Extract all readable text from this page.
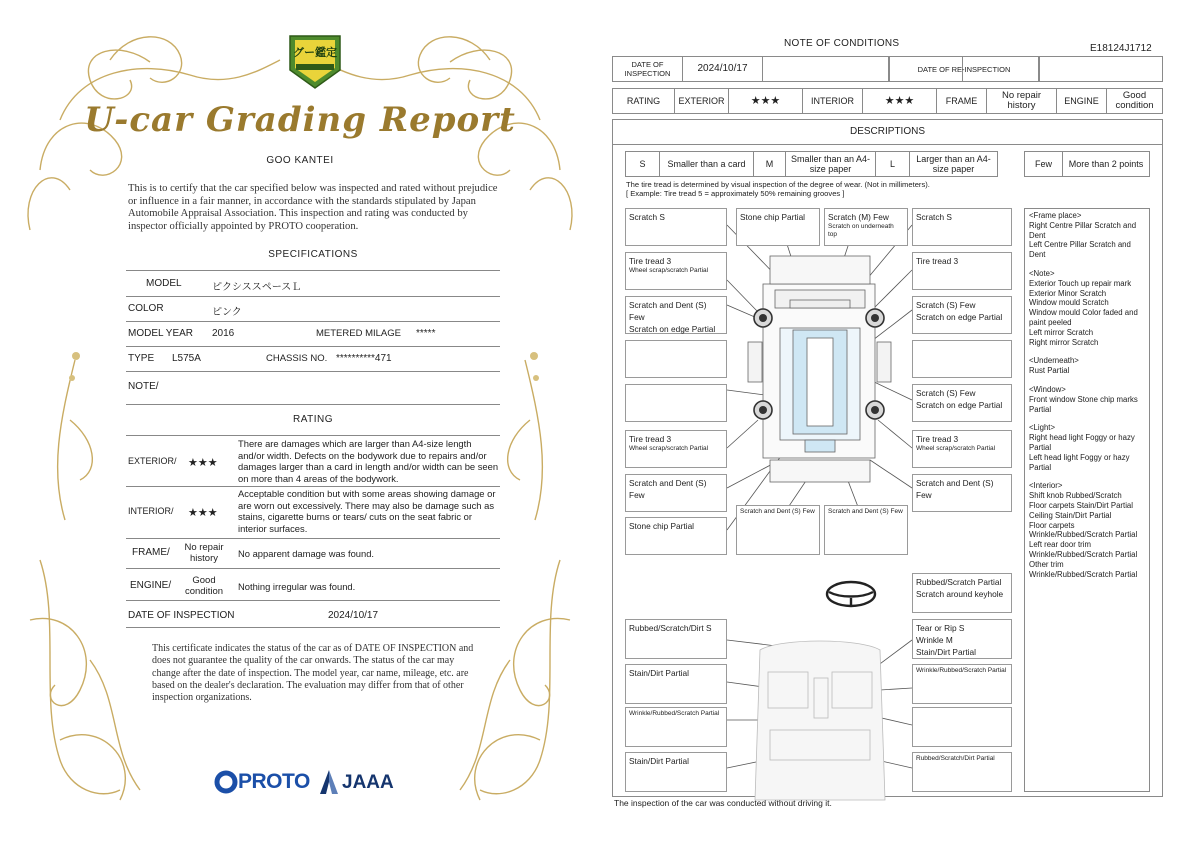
グー鑑定
U-car Grading Report
GOO KANTEI
This is to certify that the car specified below was inspected and rated without prejudice or influence in a fair manner, in accordance with the standards stipulated by Japan Automobile Appraisal Association. This inspection and rating was conducted by inspector officially appointed by PROTO cooperation.
SPECIFICATIONS
MODEL	ピクシススペースＬ
COLOR	ピンク
MODEL YEAR 2016	METERED MILAGE *****
TYPE L575A	CHASSIS NO. **********471
NOTE/
RATING
EXTERIOR/ ★★★
There are damages which are larger than A4-size length and/or width. Defects on the bodywork due to repairs and/or damages larger than a card in length and/or width can be seen on more than 4 areas of the bodywork.
INTERIOR/ ★★★
Acceptable condition but with some areas showing damage or are worn out excessively. There may also be damage such as stains, cigarette burns or tears/ cuts on the seat fabric or interior surfaces.
FRAME/	No repair history	No apparent damage was found.
ENGINE/	Good condition	Nothing irregular was found.
DATE OF INSPECTION	2024/10/17
This certificate indicates the status of the car as of DATE OF INSPECTION and does not guarantee the quality of the car onwards. The status of the car may change after the date of inspection. The model year, car name, mileage, etc. are based on the dealer's declaration. The evaluation may differ from that of other inspection organizations.
PROTO JAAA
NOTE OF CONDITIONS	E18124J1712
DATE OF INSPECTION	2024/10/17	DATE OF RE-INSPECTION
RATING	EXTERIOR	★★★	INTERIOR	★★★	FRAME	No repair history	ENGINE	Good condition
DESCRIPTIONS
S	Smaller than a card	M	Smaller than an A4-size paper	L	Larger than an A4-size paper	Few	More than 2 points
The tire tread is determined by visual inspection of the degree of wear. (Not in millimeters).
[ Example: Tire tread 5 = approximately 50% remaining grooves ]
Scratch S
Tire tread 3
Wheel scrap/scratch Partial
Scratch and Dent (S) Few
Scratch on edge Partial
Tire tread 3
Wheel scrap/scratch Partial
Scratch and Dent (S) Few
Stone chip Partial
Stone chip Partial	Scratch (M) Few
Scratch on underneath top
Scratch and Dent (S) Few Scratch and Dent (S) Few
Scratch S
Tire tread 3
Scratch (S) Few
Scratch on edge Partial
Scratch (S) Few
Scratch on edge Partial
Tire tread 3
Wheel scrap/scratch Partial
Scratch and Dent (S) Few
Rubbed/Scratch Partial
Scratch around keyhole
Rubbed/Scratch/Dirt S
Stain/Dirt Partial
Wrinkle/Rubbed/Scratch Partial
Stain/Dirt Partial
Tear or Rip S
Wrinkle M
Stain/Dirt Partial
Wrinkle/Rubbed/Scratch Partial
Rubbed/Scratch/Dirt Partial
<Frame place>
Right Centre Pillar Scratch and Dent
Left Centre Pillar Scratch and Dent
<Note>
Exterior Touch up repair mark
Exterior Minor Scratch
Window mould Scratch
Window mould Color faded and paint peeled
Left mirror Scratch
Right mirror Scratch
<Underneath>
Rust Partial
<Window>
Front window Stone chip marks Partial
<Light>
Right head light Foggy or hazy Partial
Left head light Foggy or hazy Partial
<Interior>
Shift knob Rubbed/Scratch
Floor carpets Stain/Dirt Partial
Ceiling Stain/Dirt Partial
Floor carpets Wrinkle/Rubbed/Scratch Partial
Left rear door trim Wrinkle/Rubbed/Scratch Partial
Other trim Wrinkle/Rubbed/Scratch Partial
The inspection of the car was conducted without driving it.
